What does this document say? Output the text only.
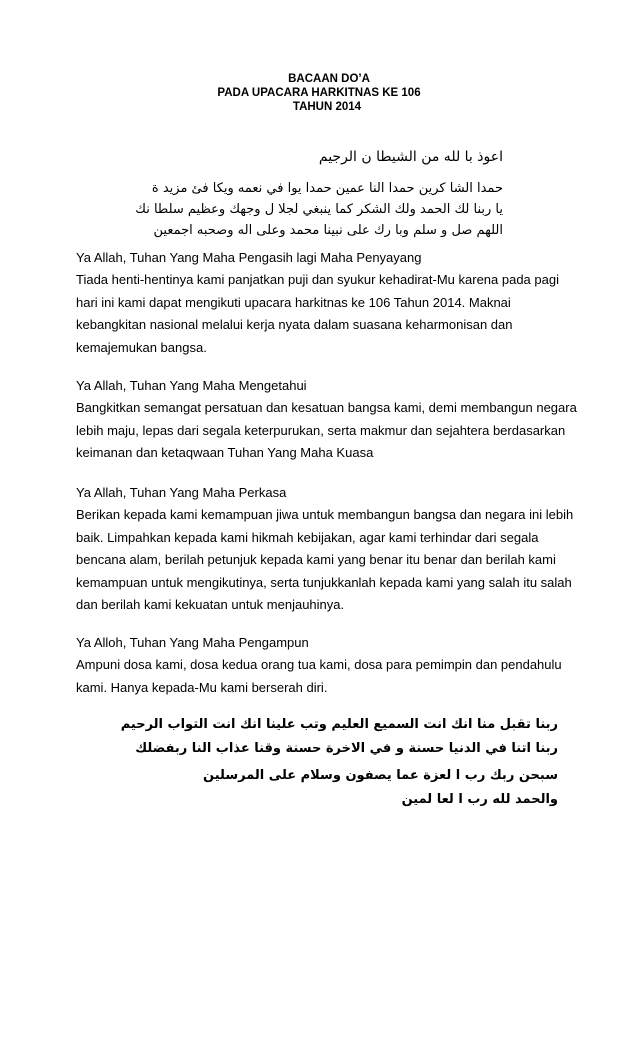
BACAAN DO’A
PADA UPACARA HARKITNAS KE 106
TAHUN 2014
اعوذ با لله من الشيطا ن الرجيم
حمدا الشا كرين حمدا النا عمين حمدا يوا في نعمه ويكا فئ مزيد ة
يا ربنا لك الحمد ولك الشكر كما ينبغي لجلا ل وجهك وعظيم سلطا نك
اللهم صل و سلم وبا رك على نبينا محمد وعلى اله وصحبه اجمعين

Ya Allah, Tuhan Yang Maha Pengasih lagi Maha Penyayang

Tiada henti-hentinya kami panjatkan puji dan syukur kehadirat-Mu karena pada pagi

hari ini kami dapat mengikuti upacara harkitnas ke 106 Tahun 2014. Maknai

kebangkitan nasional melalui kerja nyata dalam suasana keharmonisan dan

kemajemukan bangsa.

Ya Allah, Tuhan Yang Maha Mengetahui

Bangkitkan semangat persatuan dan kesatuan bangsa kami, demi membangun negara

lebih maju, lepas dari segala keterpurukan, serta makmur dan sejahtera berdasarkan

keimanan dan ketaqwaan Tuhan Yang Maha Kuasa

Ya Allah, Tuhan Yang Maha Perkasa

Berikan kepada kami kemampuan jiwa untuk membangun bangsa dan negara ini lebih

baik. Limpahkan kepada kami hikmah kebijakan, agar kami terhindar dari segala

bencana alam, berilah petunjuk kepada kami yang benar itu benar dan berilah kami

kemampuan untuk mengikutinya, serta tunjukkanlah kepada kami yang salah itu salah

dan berilah kami kekuatan untuk menjauhinya.

Ya Alloh, Tuhan Yang Maha Pengampun

Ampuni dosa kami, dosa kedua orang tua kami, dosa para pemimpin dan pendahulu

kami. Hanya kepada-Mu kami berserah diri.

ربنا تقبل منا انك انت السميع العليم وتب علينا انك انت التواب الرحيم
ربنا اتنا في الدنيا حسنة و في الاخرة حسنة وقنا عذاب النا ربفضلك
سبحن ربك رب ا لعزة عما يصفون وسلام على المرسلين
والحمد لله رب ا لعا لمين
